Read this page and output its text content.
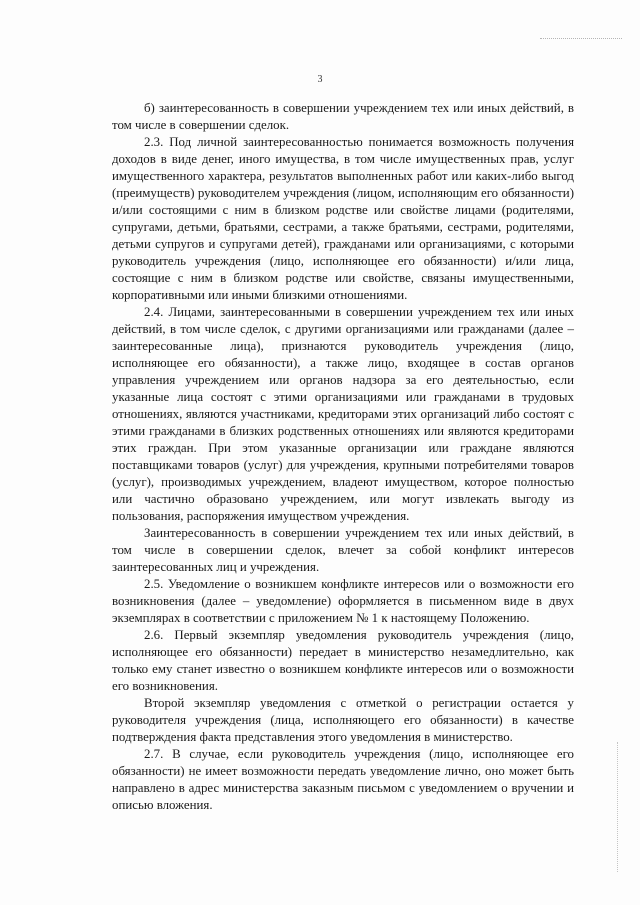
3

б) заинтересованность в совершении учреждением тех или иных действий, в том числе в совершении сделок.

2.3. Под личной заинтересованностью понимается возможность получения доходов в виде денег, иного имущества, в том числе имущественных прав, услуг имущественного характера, результатов выполненных работ или каких-либо выгод (преимуществ) руководителем учреждения (лицом, исполняющим его обязанности) и/или состоящими с ним в близком родстве или свойстве лицами (родителями, супругами, детьми, братьями, сестрами, а также братьями, сестрами, родителями, детьми супругов и супругами детей), гражданами или организациями, с которыми руководитель учреждения (лицо, исполняющее его обязанности) и/или лица, состоящие с ним в близком родстве или свойстве, связаны имущественными, корпоративными или иными близкими отношениями.

2.4. Лицами, заинтересованными в совершении учреждением тех или иных действий, в том числе сделок, с другими организациями или гражданами (далее – заинтересованные лица), признаются руководитель учреждения (лицо, исполняющее его обязанности), а также лицо, входящее в состав органов управления учреждением или органов надзора за его деятельностью, если указанные лица состоят с этими организациями или гражданами в трудовых отношениях, являются участниками, кредиторами этих организаций либо состоят с этими гражданами в близких родственных отношениях или являются кредиторами этих граждан. При этом указанные организации или граждане являются поставщиками товаров (услуг) для учреждения, крупными потребителями товаров (услуг), производимых учреждением, владеют имуществом, которое полностью или частично образовано учреждением, или могут извлекать выгоду из пользования, распоряжения имуществом учреждения.

Заинтересованность в совершении учреждением тех или иных действий, в том числе в совершении сделок, влечет за собой конфликт интересов заинтересованных лиц и учреждения.

2.5. Уведомление о возникшем конфликте интересов или о возможности его возникновения (далее – уведомление) оформляется в письменном виде в двух экземплярах в соответствии с приложением № 1 к настоящему Положению.

2.6. Первый экземпляр уведомления руководитель учреждения (лицо, исполняющее его обязанности) передает в министерство незамедлительно, как только ему станет известно о возникшем конфликте интересов или о возможности его возникновения.

Второй экземпляр уведомления с отметкой о регистрации остается у руководителя учреждения (лица, исполняющего его обязанности) в качестве подтверждения факта представления этого уведомления в министерство.

2.7. В случае, если руководитель учреждения (лицо, исполняющее его обязанности) не имеет возможности передать уведомление лично, оно может быть направлено в адрес министерства заказным письмом с уведомлением о вручении и описью вложения.
